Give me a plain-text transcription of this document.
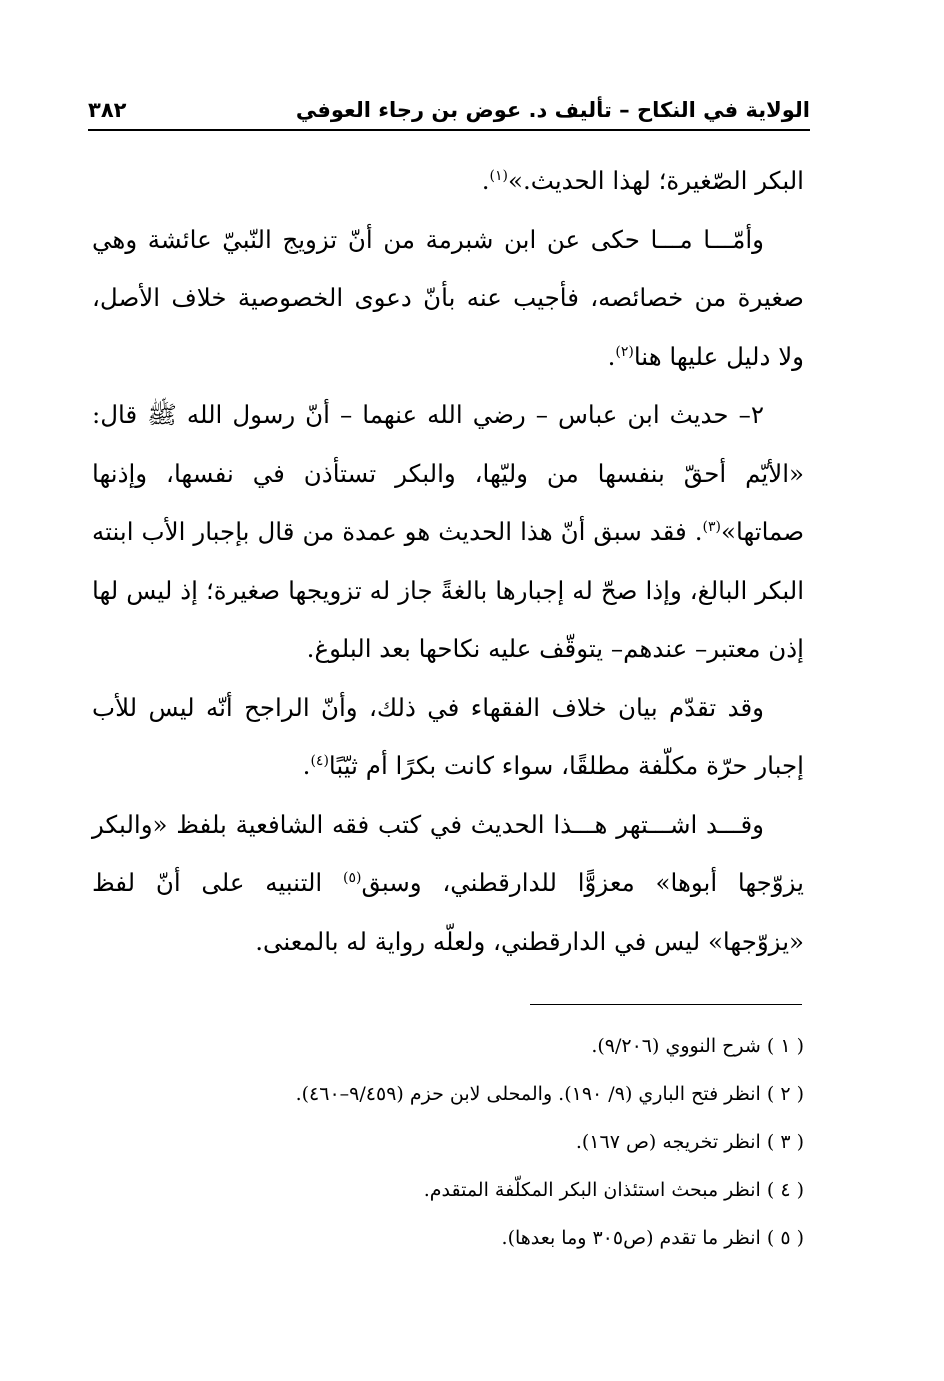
الولاية في النكاح – تأليف د. عوض بن رجاء العوفي
٣٨٢

البكر الصّغيرة؛ لهذا الحديث.»$^{(١)}$.

وأمّـــا مـــا حكى عن ابن شبرمة من أنّ تزويج النّبيّ عائشة وهي صغيرة من خصائصه، فأجيب عنه بأنّ دعوى الخصوصية خلاف الأصل، ولا دليل عليها هنا$^{(٢)}$.

٢– حديث ابن عباس – رضي الله عنهما – أنّ رسول الله ﷺ قال: «الأيّم أحقّ بنفسها من وليّها، والبكر تستأذن في نفسها، وإذنها صماتها»$^{(٣)}$. فقد سبق أنّ هذا الحديث هو عمدة من قال بإجبار الأب ابنته البكر البالغ، وإذا صحّ له إجبارها بالغةً جاز له تزويجها صغيرة؛ إذ ليس لها إذن معتبر– عندهم– يتوقّف عليه نكاحها بعد البلوغ.

وقد تقدّم بيان خلاف الفقهاء في ذلك، وأنّ الراجح أنّه ليس للأب إجبار حرّة مكلّفة مطلقًا، سواء كانت بكرًا أم ثيّبًا$^{(٤)}$.

وقـــد اشـــتهر هـــذا الحديث في كتب فقه الشافعية بلفظ «والبكر يزوّجها أبوها» معزوًّا للدارقطني، وسبق$^{(٥)}$ التنبيه على أنّ لفظ «يزوّجها» ليس في الدارقطني، ولعلّه رواية له بالمعنى.

( ١ ) شرح النووي (٩/٢٠٦).

( ٢ ) انظر فتح الباري (٩/ ١٩٠). والمحلى لابن حزم (٩/٤٥٩–٤٦٠).

( ٣ ) انظر تخريجه (ص ١٦٧).

( ٤ ) انظر مبحث استئذان البكر المكلّفة المتقدم.

( ٥ ) انظر ما تقدم (ص٣٠٥ وما بعدها).
